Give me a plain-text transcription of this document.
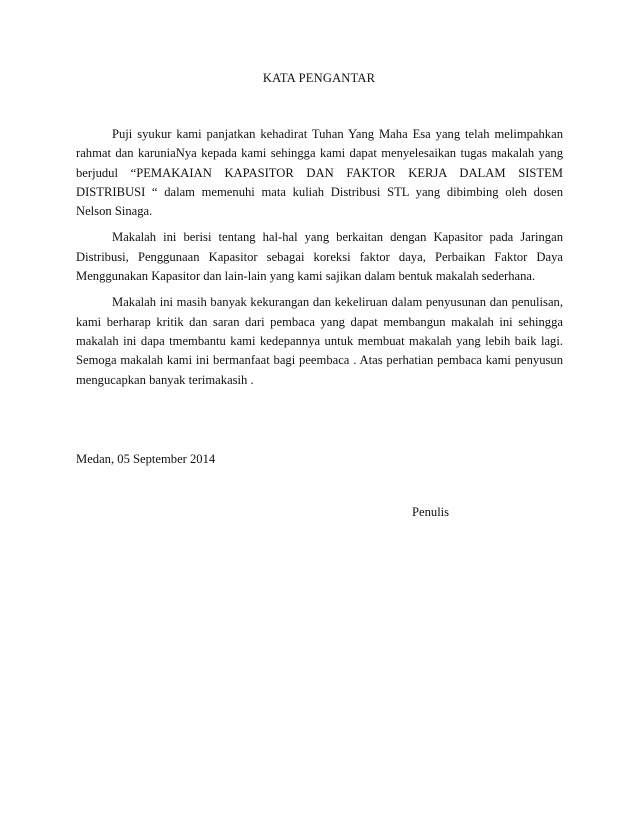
KATA PENGANTAR

Puji syukur kami panjatkan kehadirat Tuhan Yang Maha Esa yang telah melimpahkan rahmat dan karuniaNya kepada kami sehingga kami dapat menyelesaikan tugas makalah yang berjudul “PEMAKAIAN KAPASITOR DAN FAKTOR KERJA DALAM SISTEM DISTRIBUSI “ dalam memenuhi mata kuliah Distribusi STL yang dibimbing oleh dosen Nelson Sinaga.

Makalah ini berisi tentang hal-hal yang berkaitan dengan Kapasitor pada Jaringan Distribusi, Penggunaan Kapasitor sebagai koreksi faktor daya, Perbaikan Faktor Daya Menggunakan Kapasitor dan lain-lain yang kami sajikan dalam bentuk makalah sederhana.

Makalah ini masih banyak kekurangan dan kekeliruan dalam penyusunan dan penulisan, kami berharap kritik dan saran dari pembaca yang dapat membangun makalah ini sehingga makalah ini dapa tmembantu kami kedepannya untuk membuat makalah yang lebih baik lagi. Semoga makalah kami ini bermanfaat bagi peembaca . Atas perhatian pembaca kami penyusun mengucapkan banyak terimakasih .

Medan, 05 September 2014

Penulis
